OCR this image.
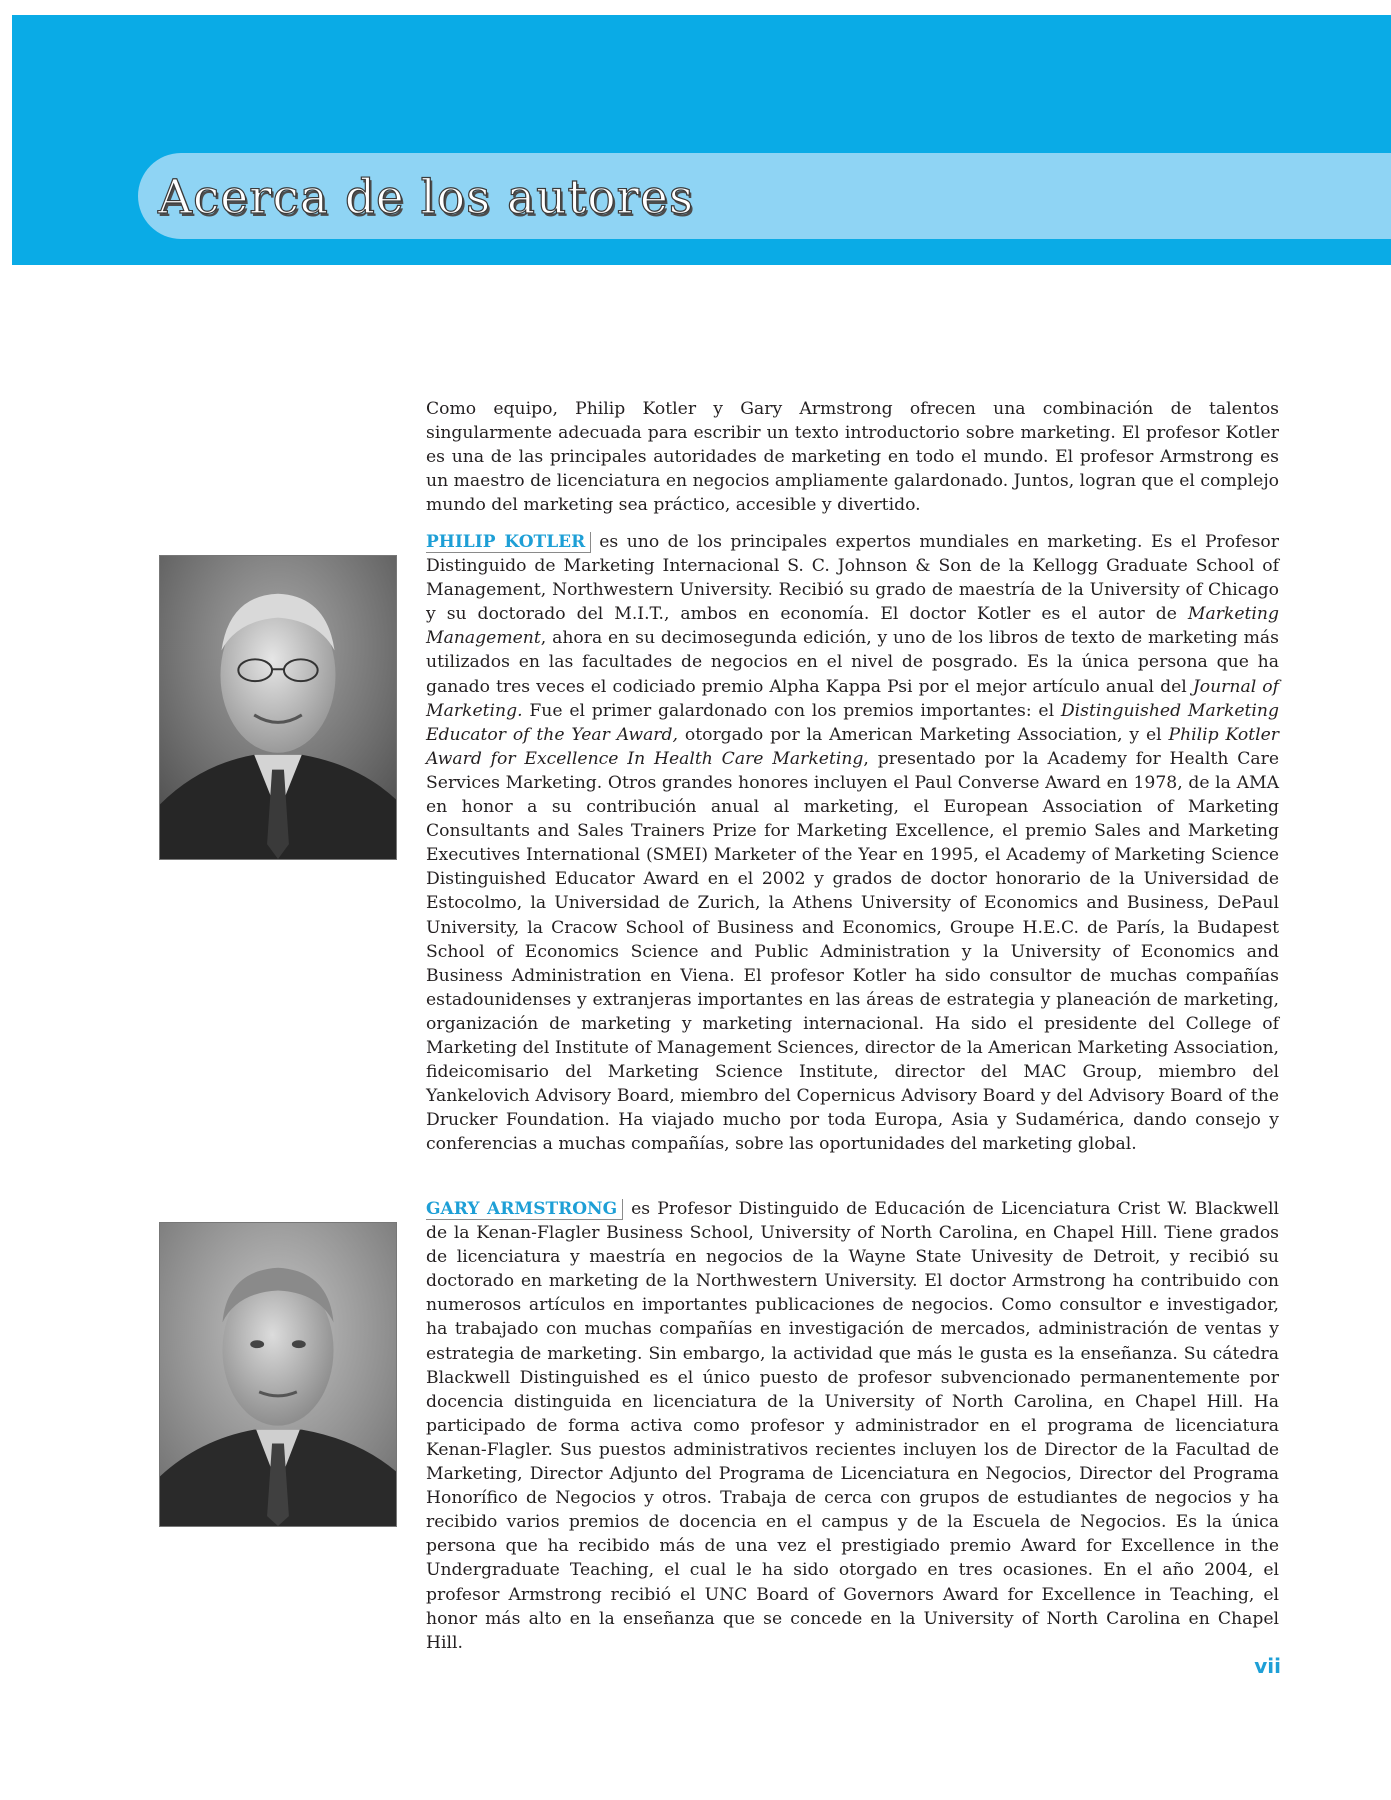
Acerca de los autores

Como equipo, Philip Kotler y Gary Armstrong ofrecen una combinación de talentos singularmente adecuada para escribir un texto introductorio sobre marketing. El profesor Kotler es una de las principales autoridades de marketing en todo el mundo. El profesor Armstrong es un maestro de licenciatura en negocios ampliamente galardonado. Juntos, logran que el complejo mundo del marketing sea práctico, accesible y divertido.

PHILIP KOTLER es uno de los principales expertos mundiales en marketing. Es el Profesor Distinguido de Marketing Internacional S. C. Johnson & Son de la Kellogg Graduate School of Management, Northwestern University. Recibió su grado de maestría de la University of Chicago y su doctorado del M.I.T., ambos en economía. El doctor Kotler es el autor de Marketing Management, ahora en su decimosegunda edición, y uno de los libros de texto de marketing más utilizados en las facultades de negocios en el nivel de posgrado. Es la única persona que ha ganado tres veces el codiciado premio Alpha Kappa Psi por el mejor artículo anual del Journal of Marketing. Fue el primer galardonado con los premios importantes: el Distinguished Marketing Educator of the Year Award, otorgado por la American Marketing Association, y el Philip Kotler Award for Excellence In Health Care Marketing, presentado por la Academy for Health Care Services Marketing. Otros grandes honores incluyen el Paul Converse Award en 1978, de la AMA en honor a su contribución anual al marketing, el European Association of Marketing Consultants and Sales Trainers Prize for Marketing Excellence, el premio Sales and Marketing Executives International (SMEI) Marketer of the Year en 1995, el Academy of Marketing Science Distinguished Educator Award en el 2002 y grados de doctor honorario de la Universidad de Estocolmo, la Universidad de Zurich, la Athens University of Economics and Business, DePaul University, la Cracow School of Business and Economics, Groupe H.E.C. de París, la Budapest School of Economics Science and Public Administration y la University of Economics and Business Administration en Viena. El profesor Kotler ha sido consultor de muchas compañías estadounidenses y extranjeras importantes en las áreas de estrategia y planeación de marketing, organización de marketing y marketing internacional. Ha sido el presidente del College of Marketing del Institute of Management Sciences, director de la American Marketing Association, fideicomisario del Marketing Science Institute, director del MAC Group, miembro del Yankelovich Advisory Board, miembro del Copernicus Advisory Board y del Advisory Board of the Drucker Foundation. Ha viajado mucho por toda Europa, Asia y Sudamérica, dando consejo y conferencias a muchas compañías, sobre las oportunidades del marketing global.

GARY ARMSTRONG es Profesor Distinguido de Educación de Licenciatura Crist W. Blackwell de la Kenan-Flagler Business School, University of North Carolina, en Chapel Hill. Tiene grados de licenciatura y maestría en negocios de la Wayne State Univesity de Detroit, y recibió su doctorado en marketing de la Northwestern University. El doctor Armstrong ha contribuido con numerosos artículos en importantes publicaciones de negocios. Como consultor e investigador, ha trabajado con muchas compañías en investigación de mercados, administración de ventas y estrategia de marketing. Sin embargo, la actividad que más le gusta es la enseñanza. Su cátedra Blackwell Distinguished es el único puesto de profesor subvencionado permanentemente por docencia distinguida en licenciatura de la University of North Carolina, en Chapel Hill. Ha participado de forma activa como profesor y administrador en el programa de licenciatura Kenan-Flagler. Sus puestos administrativos recientes incluyen los de Director de la Facultad de Marketing, Director Adjunto del Programa de Licenciatura en Negocios, Director del Programa Honorífico de Negocios y otros. Trabaja de cerca con grupos de estudiantes de negocios y ha recibido varios premios de docencia en el campus y de la Escuela de Negocios. Es la única persona que ha recibido más de una vez el prestigiado premio Award for Excellence in the Undergraduate Teaching, el cual le ha sido otorgado en tres ocasiones. En el año 2004, el profesor Armstrong recibió el UNC Board of Governors Award for Excellence in Teaching, el honor más alto en la enseñanza que se concede en la University of North Carolina en Chapel Hill.

vii
